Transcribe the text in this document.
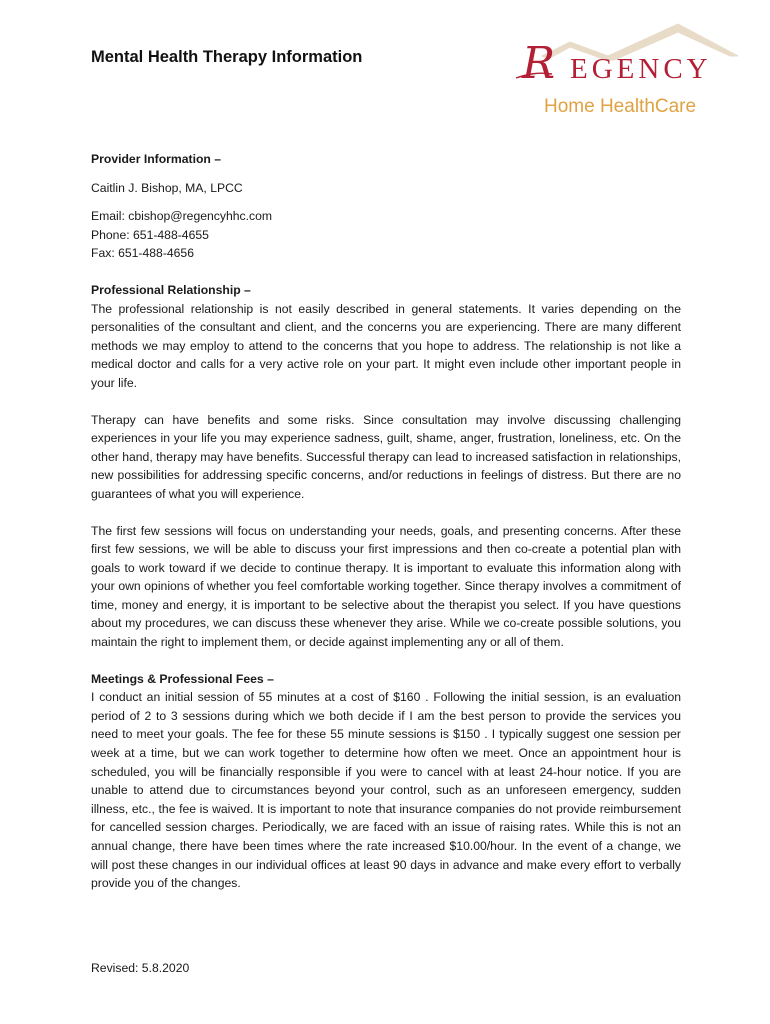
Mental Health Therapy Information	R EGENCY
Home HealthCare

Provider Information –

Caitlin J. Bishop, MA, LPCC

Email: cbishop@regencyhhc.com

Phone: 651-488-4655

Fax: 651-488-4656

Professional Relationship –

The professional relationship is not easily described in general statements. It varies depending on the personalities of the consultant and client, and the concerns you are experiencing. There are many different methods we may employ to attend to the concerns that you hope to address. The relationship is not like a medical doctor and calls for a very active role on your part. It might even include other important people in your life.

Therapy can have benefits and some risks. Since consultation may involve discussing challenging experiences in your life you may experience sadness, guilt, shame, anger, frustration, loneliness, etc. On the other hand, therapy may have benefits. Successful therapy can lead to increased satisfaction in relationships, new possibilities for addressing specific concerns, and/or reductions in feelings of distress. But there are no guarantees of what you will experience.

The first few sessions will focus on understanding your needs, goals, and presenting concerns. After these first few sessions, we will be able to discuss your first impressions and then co-create a potential plan with goals to work toward if we decide to continue therapy. It is important to evaluate this information along with your own opinions of whether you feel comfortable working together. Since therapy involves a commitment of time, money and energy, it is important to be selective about the therapist you select. If you have questions about my procedures, we can discuss these whenever they arise. While we co-create possible solutions, you maintain the right to implement them, or decide against implementing any or all of them.

Meetings & Professional Fees –

I conduct an initial session of 55 minutes at a cost of $160 . Following the initial session, is an evaluation period of 2 to 3 sessions during which we both decide if I am the best person to provide the services you need to meet your goals. The fee for these 55 minute sessions is $150 . I typically suggest one session per week at a time, but we can work together to determine how often we meet. Once an appointment hour is scheduled, you will be financially responsible if you were to cancel with at least 24-hour notice. If you are unable to attend due to circumstances beyond your control, such as an unforeseen emergency, sudden illness, etc., the fee is waived. It is important to note that insurance companies do not provide reimbursement for cancelled session charges. Periodically, we are faced with an issue of raising rates. While this is not an annual change, there have been times where the rate increased $10.00/hour. In the event of a change, we will post these changes in our individual offices at least 90 days in advance and make every effort to verbally provide you of the changes.

Revised: 5.8.2020
